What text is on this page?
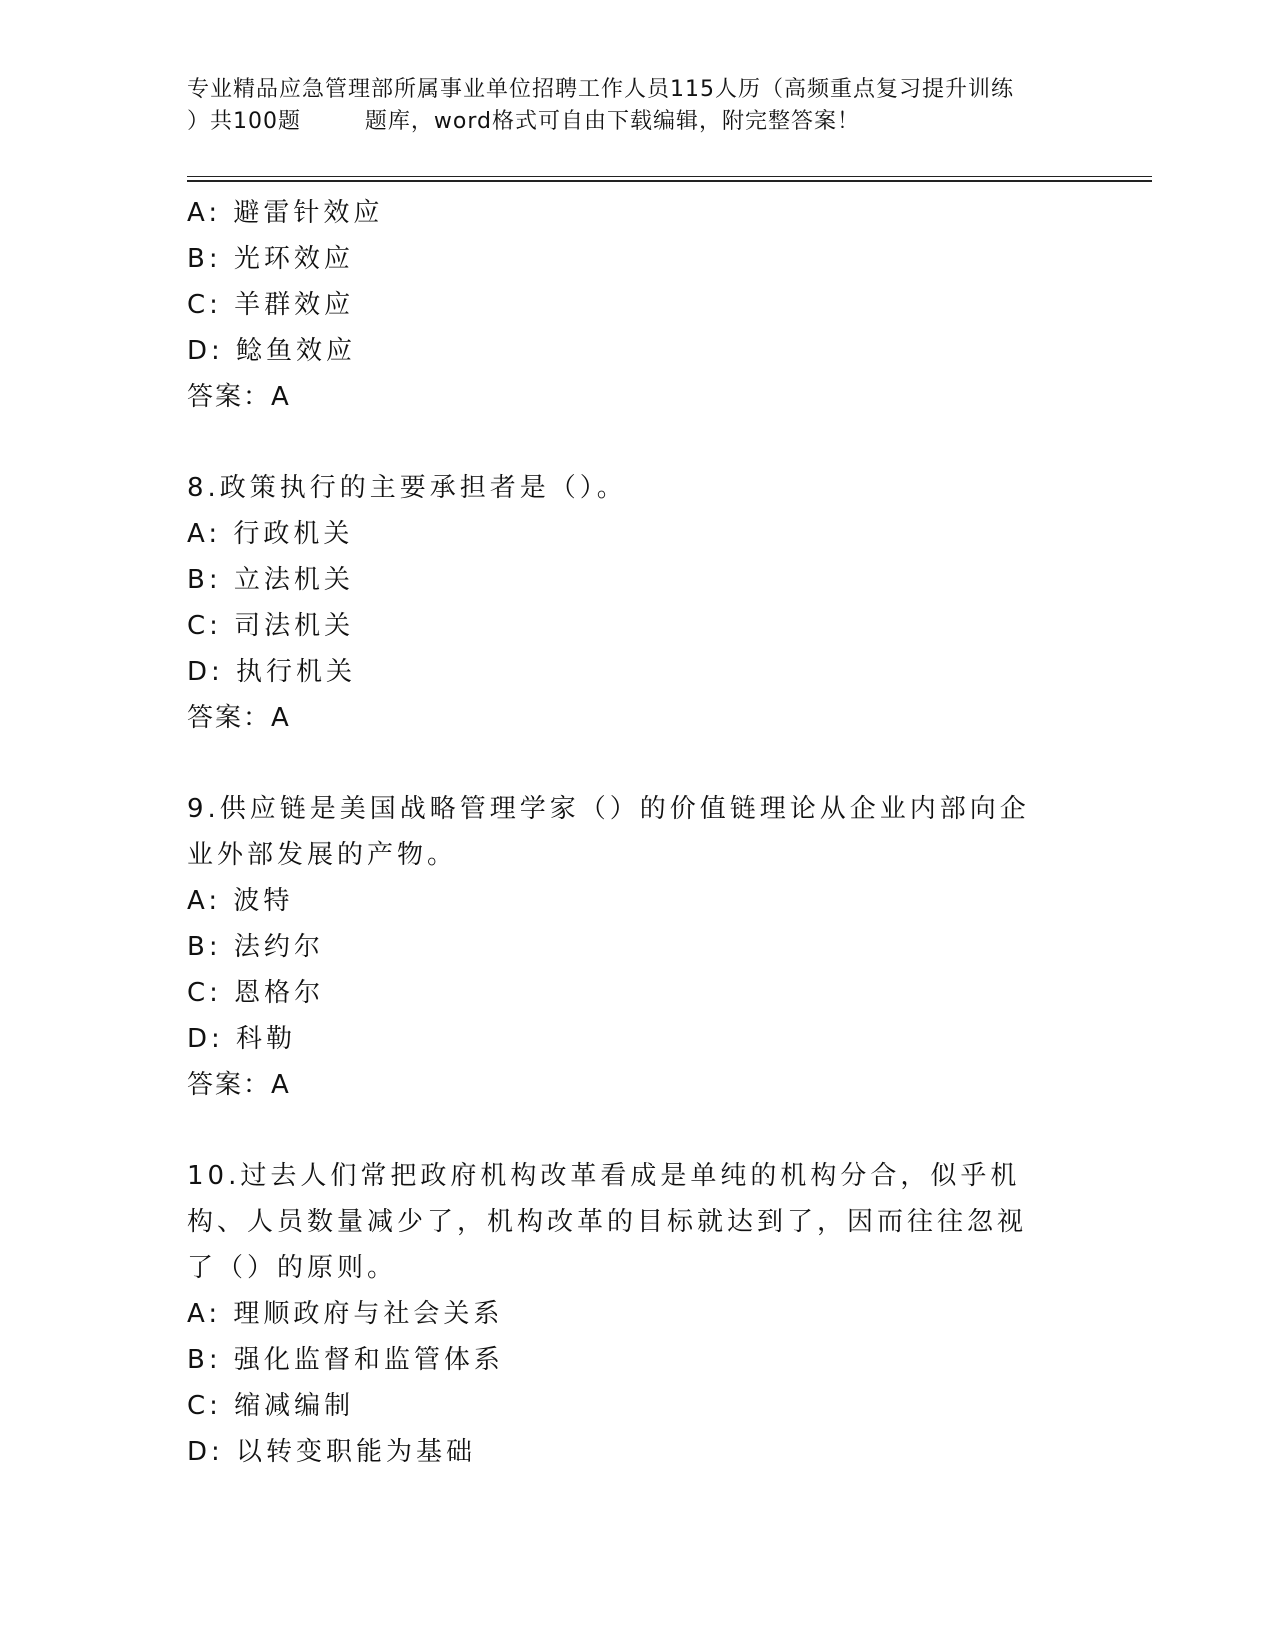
专业精品应急管理部所属事业单位招聘工作人员115人历（高频重点复习提升训练

）共100题        题库，word格式可自由下载编辑，附完整答案！
A: 避雷针效应
B: 光环效应
C: 羊群效应
D: 鲶鱼效应
答案：A
8.政策执行的主要承担者是（）。
A: 行政机关
B: 立法机关
C: 司法机关
D: 执行机关
答案：A
9.供应链是美国战略管理学家（）的价值链理论从企业内部向企业外部发展的产物。
A: 波特
B: 法约尔
C: 恩格尔
D: 科勒
答案：A
10.过去人们常把政府机构改革看成是单纯的机构分合，似乎机构、人员数量减少了，机构改革的目标就达到了，因而往往忽视了（）的原则。
A: 理顺政府与社会关系
B: 强化监督和监管体系
C: 缩减编制
D: 以转变职能为基础
